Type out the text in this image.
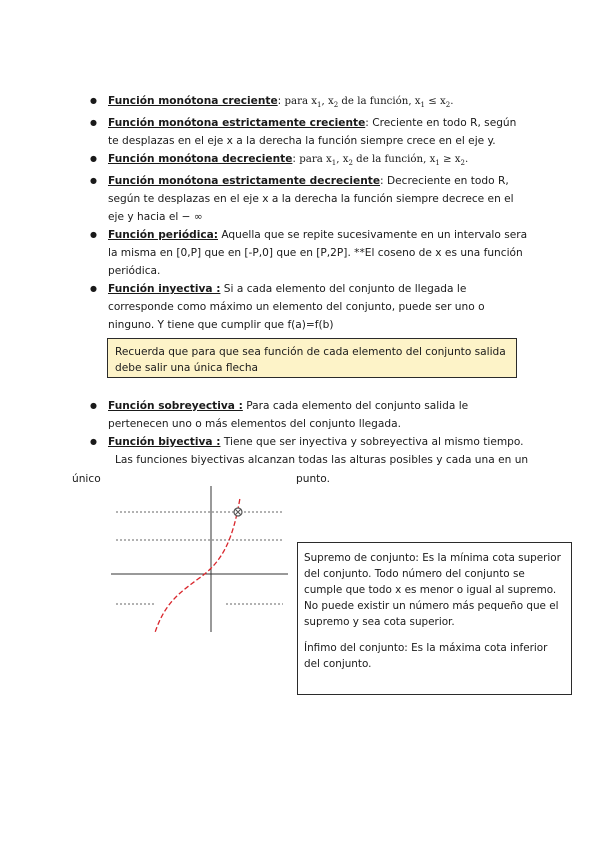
● Función monótona creciente: para $x_1$, $x_2$ de la función, $x_1 \le x_2$.
● Función monótona estrictamente creciente: Creciente en todo R, según te desplazas en el eje x a la derecha la función siempre crece en el eje y.
● Función monótona decreciente: para $x_1$, $x_2$ de la función, $x_1 \ge x_2$.
● Función monótona estrictamente decreciente: Decreciente en todo R, según te desplazas en el eje x a la derecha la función siempre decrece en el eje y hacia el − ∞
● Función periódica: Aquella que se repite sucesivamente en un intervalo sera la misma en [0,P] que en [-P,0] que en [P,2P]. **El coseno de x es una función periódica.
● Función inyectiva : Si a cada elemento del conjunto de llegada le corresponde como máximo un elemento del conjunto, puede ser uno o ninguno. Y tiene que cumplir que f(a)=f(b)
Recuerda que para que sea función de cada elemento del conjunto salida debe salir una única flecha
● Función sobreyectiva : Para cada elemento del conjunto salida le pertenecen uno o más elementos del conjunto llegada.
● Función biyectiva : Tiene que ser inyectiva y sobreyectiva al mismo tiempo.
Las funciones biyectivas alcanzan todas las alturas posibles y cada una en un
único	punto.

Supremo de conjunto: Es la mínima cota superior del conjunto. Todo número del conjunto se cumple que todo x es menor o igual al supremo. No puede existir un número más pequeño que el supremo y sea cota superior.

Ínfimo del conjunto: Es la máxima cota inferior del conjunto.
